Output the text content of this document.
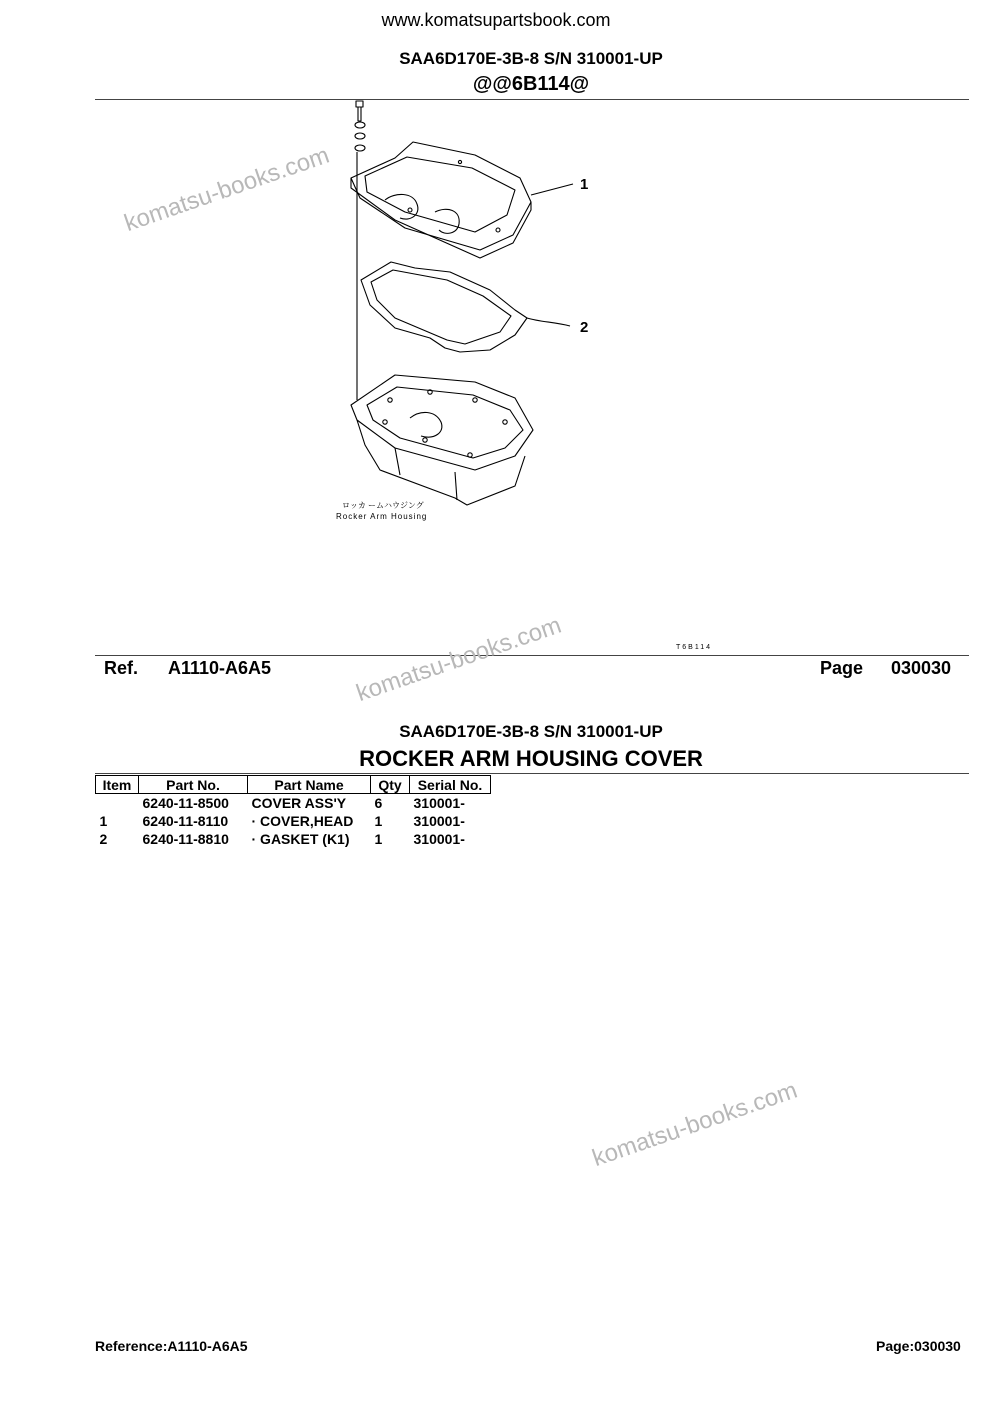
www.komatsupartsbook.com
SAA6D170E-3B-8 S/N 310001-UP
@@6B114@
1
2
ロッカ ームハウジング
Rocker Arm Housing
T6B114
Ref. A1110-A6A5	Page 030030
SAA6D170E-3B-8 S/N 310001-UP
ROCKER ARM HOUSING COVER
Item	Part No.	Part Name	Qty	Serial No.
	6240-11-8500	COVER ASS'Y	6	310001-
1	6240-11-8110	· COVER,HEAD	1	310001-
2	6240-11-8810	· GASKET (K1)	1	310001-
komatsu-books.com
komatsu-books.com
komatsu-books.com
Reference:A1110-A6A5	Page:030030
